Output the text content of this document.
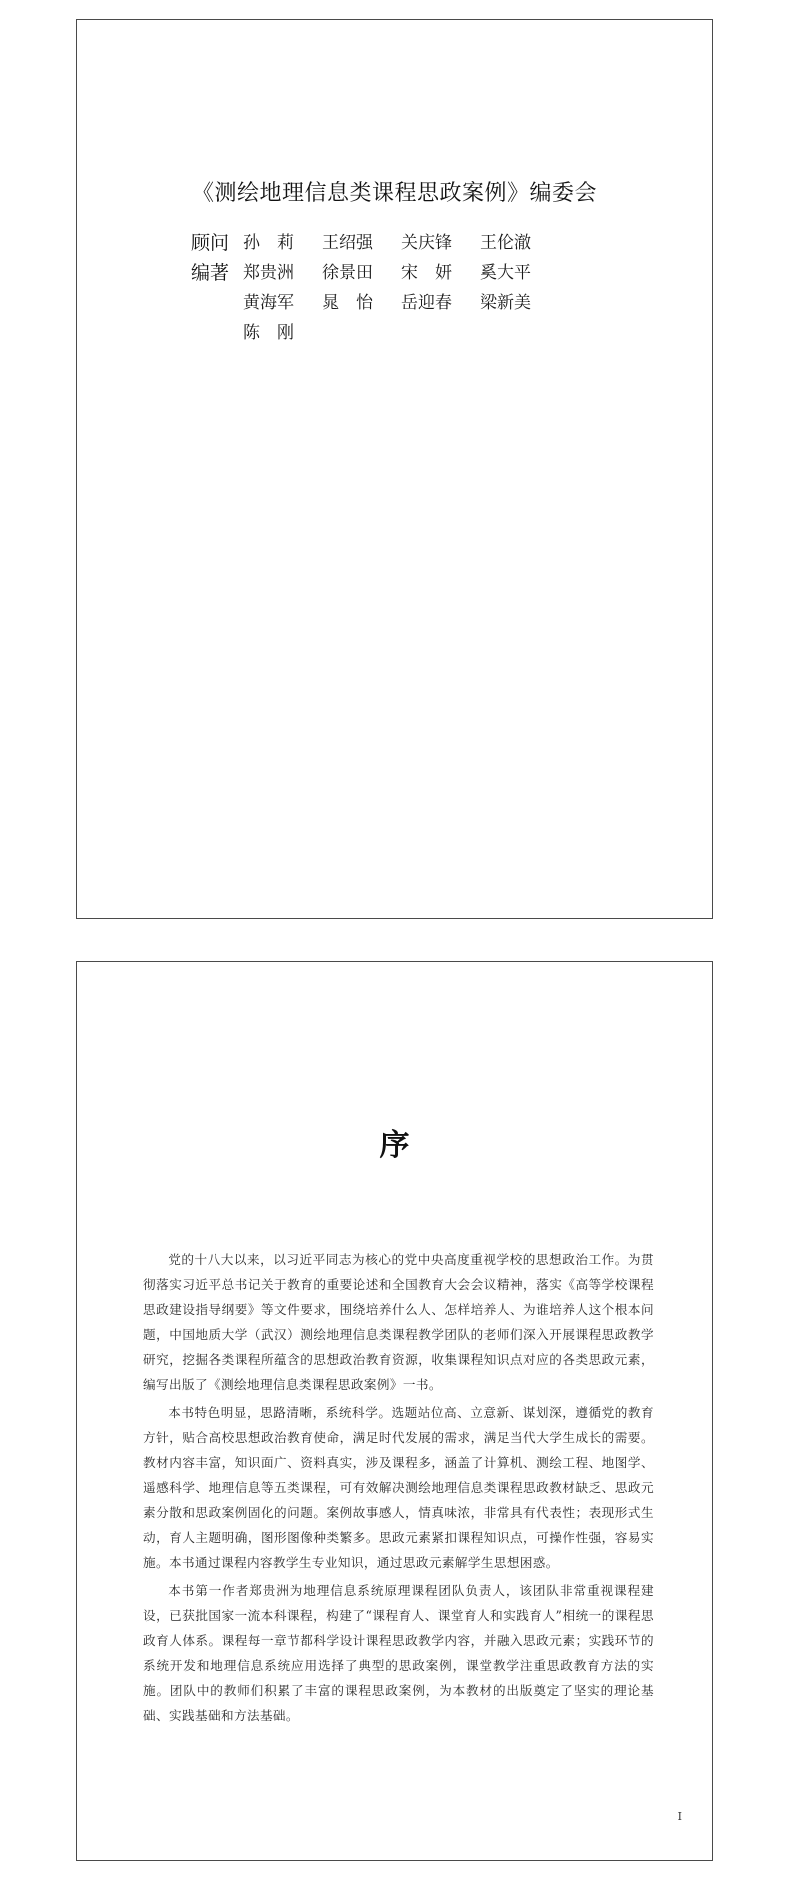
《测绘地理信息类课程思政案例》编委会
顾问 孙　莉	王绍强	关庆锋	王伦澈
编著 郑贵洲	徐景田	宋　妍	奚大平
黄海军	晁　怡	岳迎春	梁新美
陈　刚
序

党的十八大以来，以习近平同志为核心的党中央高度重视学校的思想政治工作。为贯彻落实习近平总书记关于教育的重要论述和全国教育大会会议精神，落实《高等学校课程思政建设指导纲要》等文件要求，围绕培养什么人、怎样培养人、为谁培养人这个根本问题，中国地质大学（武汉）测绘地理信息类课程教学团队的老师们深入开展课程思政教学研究，挖掘各类课程所蕴含的思想政治教育资源，收集课程知识点对应的各类思政元素，编写出版了《测绘地理信息类课程思政案例》一书。

本书特色明显，思路清晰，系统科学。选题站位高、立意新、谋划深，遵循党的教育方针，贴合高校思想政治教育使命，满足时代发展的需求，满足当代大学生成长的需要。教材内容丰富，知识面广、资料真实，涉及课程多，涵盖了计算机、测绘工程、地图学、遥感科学、地理信息等五类课程，可有效解决测绘地理信息类课程思政教材缺乏、思政元素分散和思政案例固化的问题。案例故事感人，情真味浓，非常具有代表性；表现形式生动，育人主题明确，图形图像种类繁多。思政元素紧扣课程知识点，可操作性强，容易实施。本书通过课程内容教学生专业知识，通过思政元素解学生思想困惑。

本书第一作者郑贵洲为地理信息系统原理课程团队负责人，该团队非常重视课程建设，已获批国家一流本科课程，构建了“课程育人、课堂育人和实践育人”相统一的课程思政育人体系。课程每一章节都科学设计课程思政教学内容，并融入思政元素；实践环节的系统开发和地理信息系统应用选择了典型的思政案例，课堂教学注重思政教育方法的实施。团队中的教师们积累了丰富的课程思政案例，为本教材的出版奠定了坚实的理论基础、实践基础和方法基础。

I
